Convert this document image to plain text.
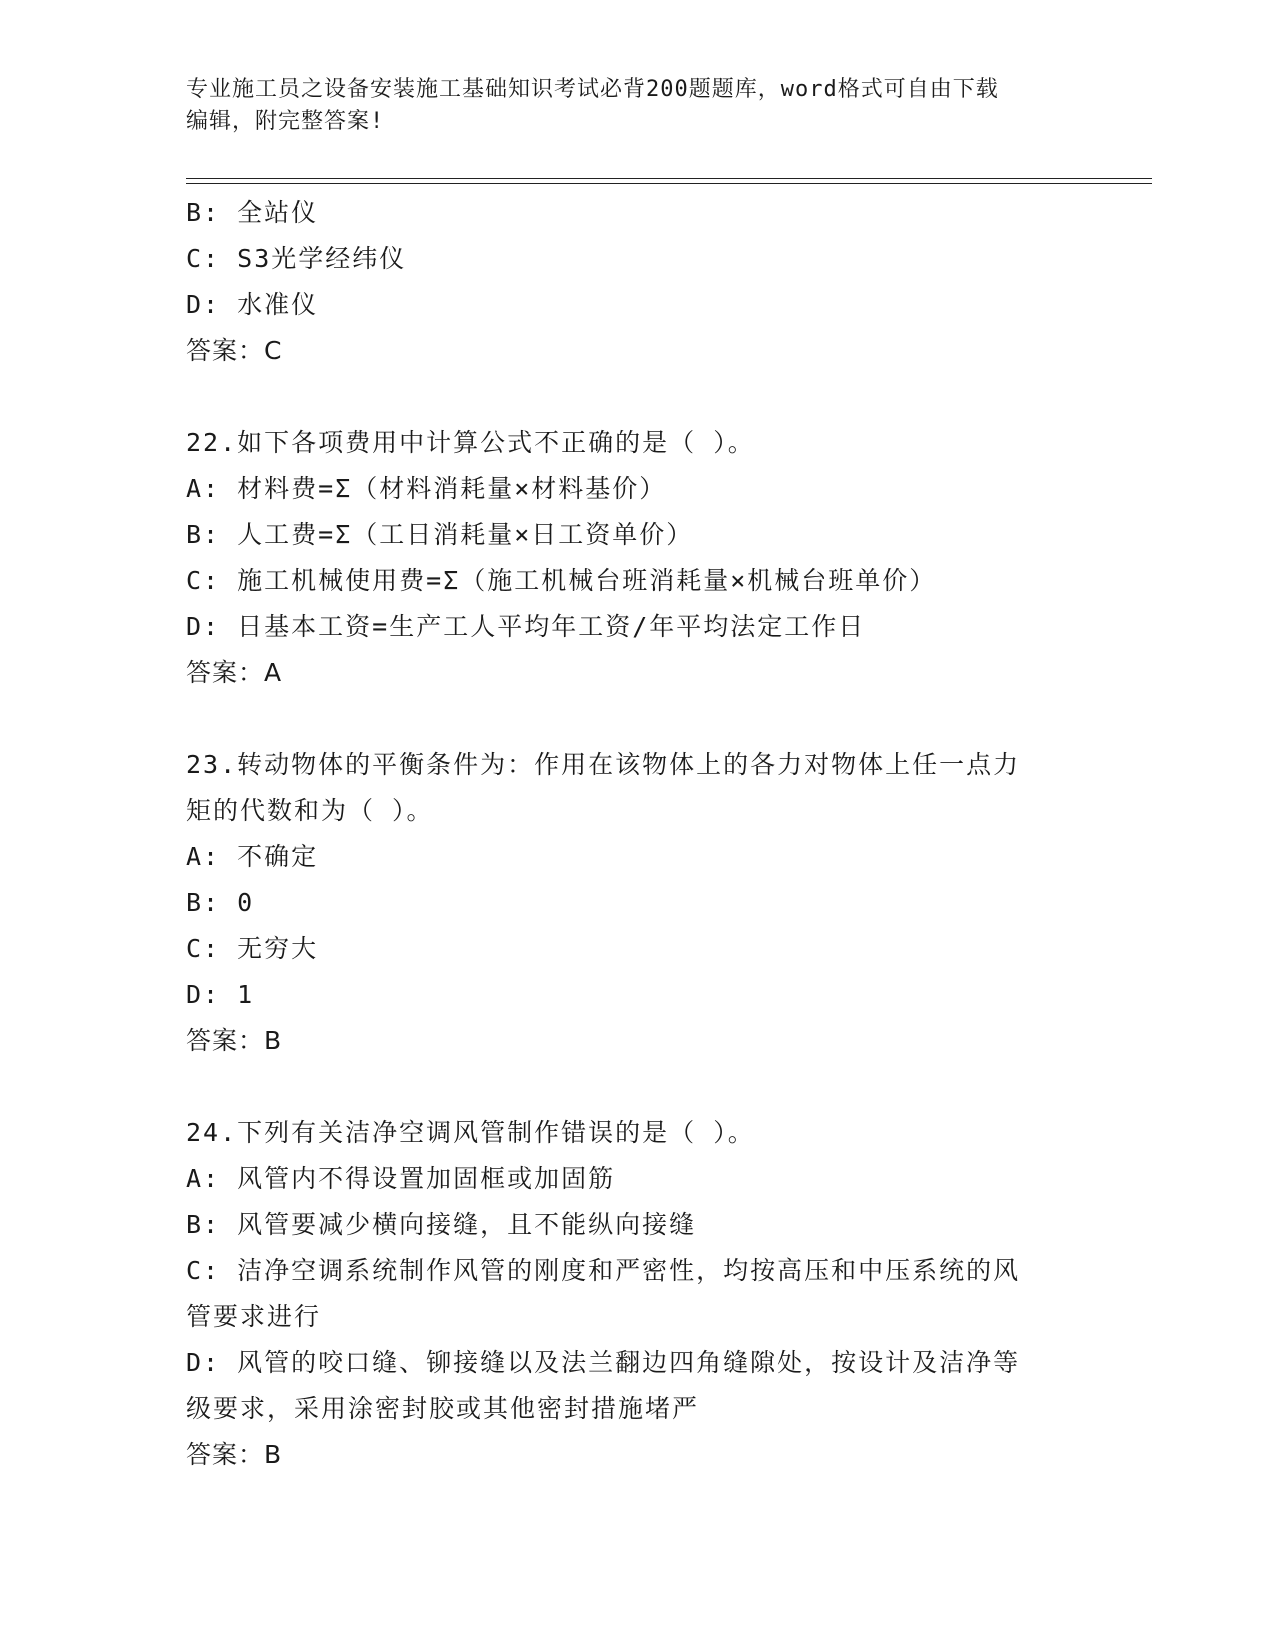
专业施工员之设备安装施工基础知识考试必背200题题库，word格式可自由下载
编辑，附完整答案!
B: 全站仪
C: S3光学经纬仪
D: 水准仪
答案：C
22.如下各项费用中计算公式不正确的是（ ）。
A: 材料费=Σ（材料消耗量×材料基价）
B: 人工费=Σ（工日消耗量×日工资单价）
C: 施工机械使用费=Σ（施工机械台班消耗量×机械台班单价）
D: 日基本工资=生产工人平均年工资/年平均法定工作日
答案：A
23.转动物体的平衡条件为：作用在该物体上的各力对物体上任一点力
矩的代数和为（ ）。
A: 不确定
B: 0
C: 无穷大
D: 1
答案：B
24.下列有关洁净空调风管制作错误的是（ ）。
A: 风管内不得设置加固框或加固筋
B: 风管要减少横向接缝，且不能纵向接缝
C: 洁净空调系统制作风管的刚度和严密性，均按高压和中压系统的风
管要求进行
D: 风管的咬口缝、铆接缝以及法兰翻边四角缝隙处，按设计及洁净等
级要求，采用涂密封胶或其他密封措施堵严
答案：B
